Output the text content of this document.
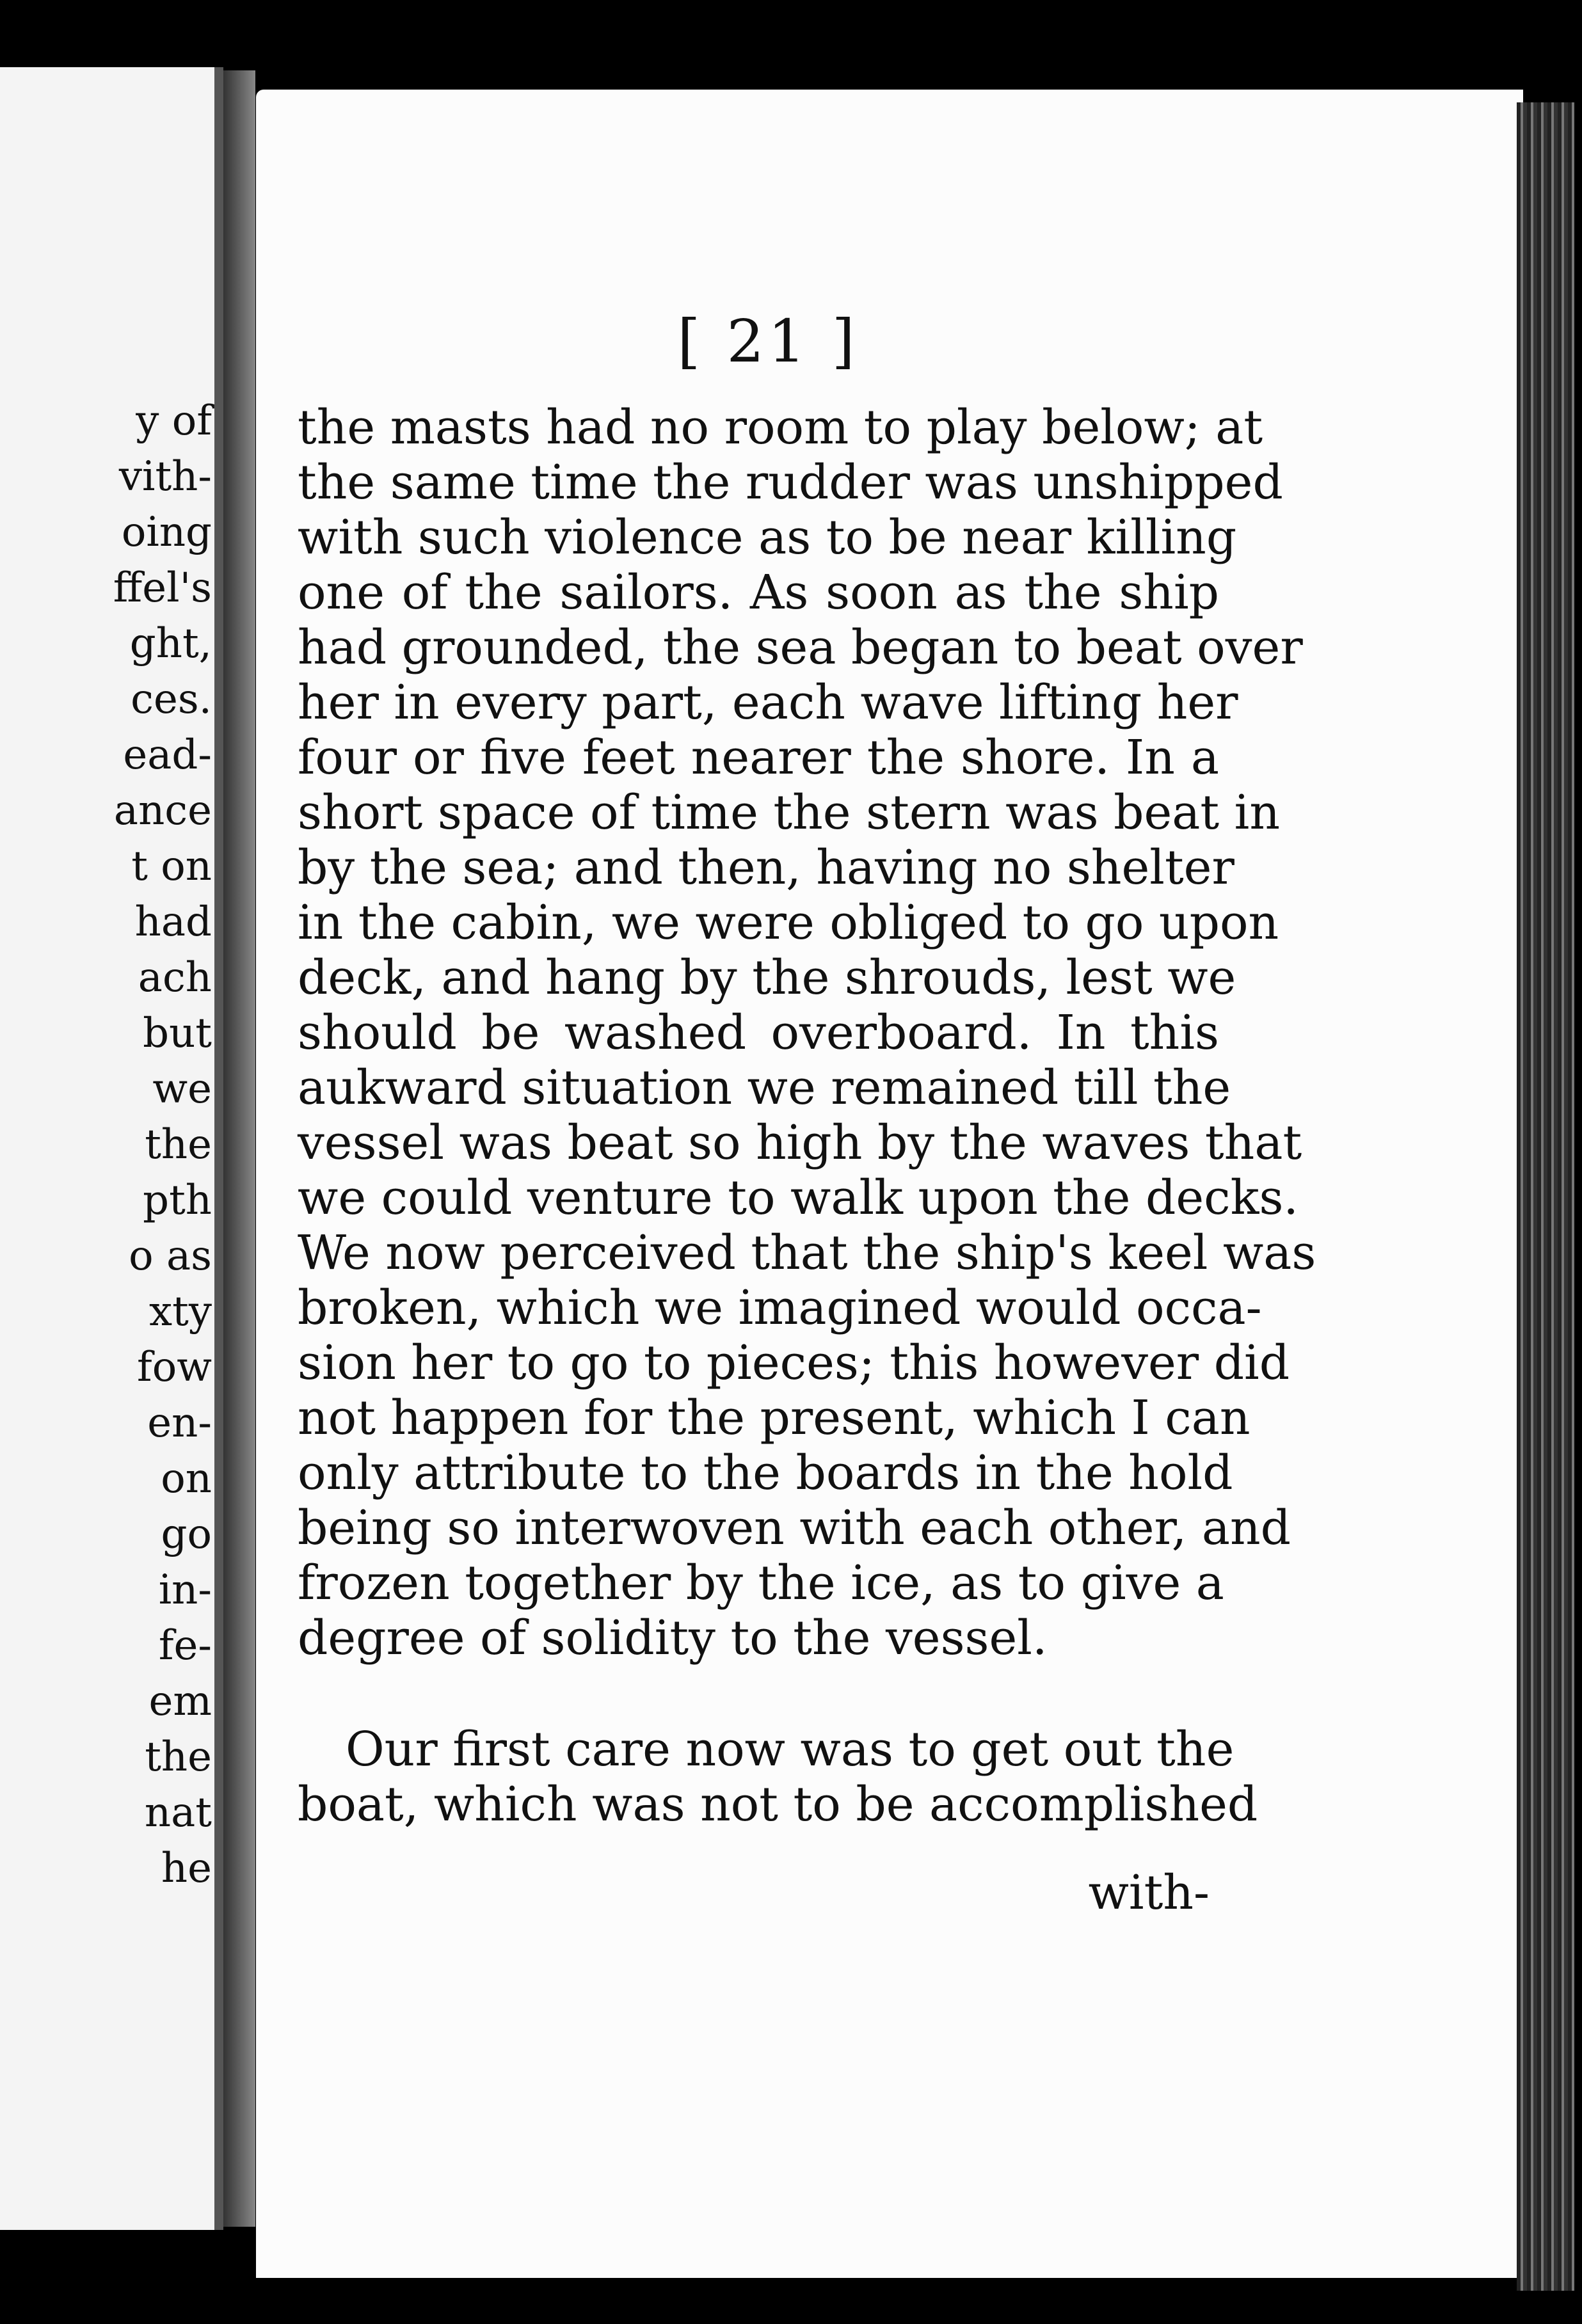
y of
vith-
oing
ffel's
ght,
ces.
ead-
ance
t on
had
ach
but
we
the
pth
o as
xty
fow
en-
on
go
in-
fe-
em
the
nat
he
[ 21 ]
the masts had no room to play below; at
the same time the rudder was unshipped
with such violence as to be near killing
one of the sailors. As soon as the ship
had grounded, the sea began to beat over
her in every part, each wave lifting her
four or five feet nearer the shore. In a
short space of time the stern was beat in
by the sea; and then, having no shelter
in the cabin, we were obliged to go upon
deck, and hang by the shrouds, lest we
should be washed overboard. In this
aukward situation we remained till the
vessel was beat so high by the waves that
we could venture to walk upon the decks.
We now perceived that the ship's keel was
broken, which we imagined would occa-
sion her to go to pieces; this however did
not happen for the present, which I can
only attribute to the boards in the hold
being so interwoven with each other, and
frozen together by the ice, as to give a
degree of solidity to the vessel.
Our first care now was to get out the
boat, which was not to be accomplished
with-
